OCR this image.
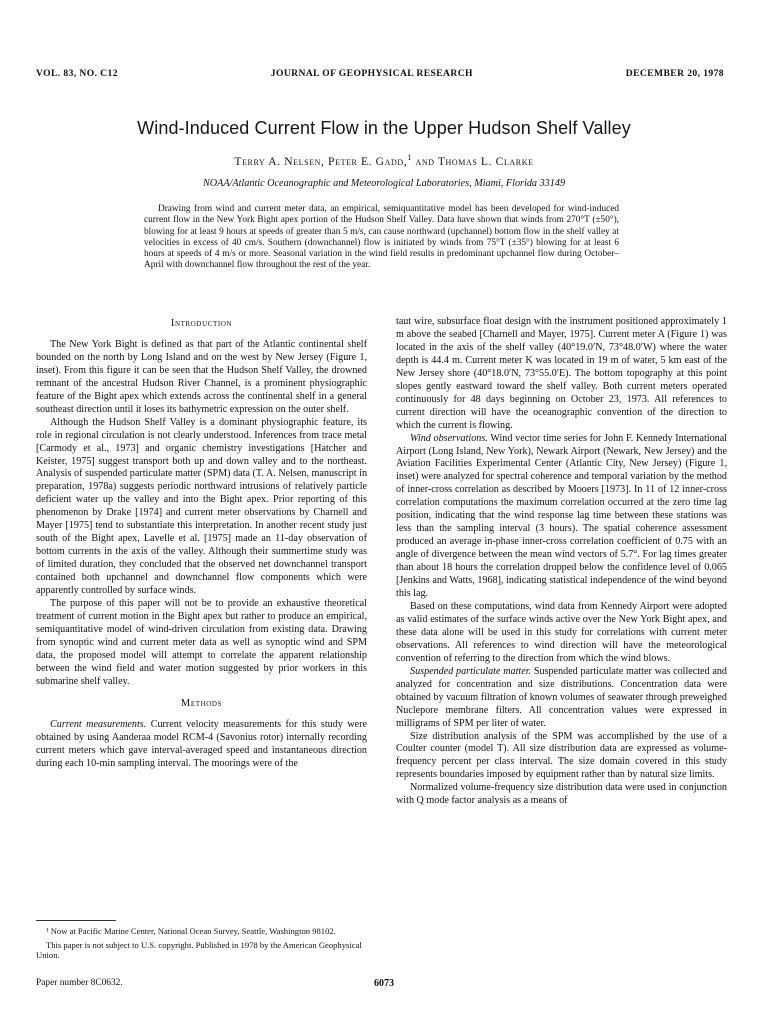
VOL. 83, NO. C12	JOURNAL OF GEOPHYSICAL RESEARCH	DECEMBER 20, 1978
Wind-Induced Current Flow in the Upper Hudson Shelf Valley
Terry A. Nelsen, Peter E. Gadd,$^1$ and Thomas L. Clarke
NOAA/Atlantic Oceanographic and Meteorological Laboratories, Miami, Florida 33149

Drawing from wind and current meter data, an empirical, semiquantitative model has been developed for wind-induced current flow in the New York Bight apex portion of the Hudson Shelf Valley. Data have shown that winds from 270°T (±50°), blowing for at least 9 hours at speeds of greater than 5 m/s, can cause northward (upchannel) bottom flow in the shelf valley at velocities in excess of 40 cm/s. Southern (downchannel) flow is initiated by winds from 75°T (±35°) blowing for at least 6 hours at speeds of 4 m/s or more. Seasonal variation in the wind field results in predominant upchannel flow during October–April with downchannel flow throughout the rest of the year.

Introduction

The New York Bight is defined as that part of the Atlantic continental shelf bounded on the north by Long Island and on the west by New Jersey (Figure 1, inset). From this figure it can be seen that the Hudson Shelf Valley, the drowned remnant of the ancestral Hudson River Channel, is a prominent physiographic feature of the Bight apex which extends across the continental shelf in a general southeast direction until it loses its bathymetric expression on the outer shelf.

Although the Hudson Shelf Valley is a dominant physiographic feature, its role in regional circulation is not clearly understood. Inferences from trace metal [Carmody et al., 1973] and organic chemistry investigations [Hatcher and Keister, 1975] suggest transport both up and down valley and to the northeast. Analysis of suspended particulate matter (SPM) data (T. A. Nelsen, manuscript in preparation, 1978a) suggests periodic northward intrusions of relatively particle deficient water up the valley and into the Bight apex. Prior reporting of this phenomenon by Drake [1974] and current meter observations by Charnell and Mayer [1975] tend to substantiate this interpretation. In another recent study just south of the Bight apex, Lavelle et al. [1975] made an 11-day observation of bottom currents in the axis of the valley. Although their summertime study was of limited duration, they concluded that the observed net downchannel transport contained both upchannel and downchannel flow components which were apparently controlled by surface winds.

The purpose of this paper will not be to provide an exhaustive theoretical treatment of current motion in the Bight apex but rather to produce an empirical, semiquantitative model of wind-driven circulation from existing data. Drawing from synoptic wind and current meter data as well as synoptic wind and SPM data, the proposed model will attempt to correlate the apparent relationship between the wind field and water motion suggested by prior workers in this submarine shelf valley.

Methods

Current measurements. Current velocity measurements for this study were obtained by using Aanderaa model RCM-4 (Savonius rotor) internally recording current meters which gave interval-averaged speed and instantaneous direction during each 10-min sampling interval. The moorings were of the

taut wire, subsurface float design with the instrument positioned approximately 1 m above the seabed [Charnell and Mayer, 1975]. Current meter A (Figure 1) was located in the axis of the shelf valley (40°19.0′N, 73°48.0′W) where the water depth is 44.4 m. Current meter K was located in 19 m of water, 5 km east of the New Jersey shore (40°18.0′N, 73°55.0′E). The bottom topography at this point slopes gently eastward toward the shelf valley. Both current meters operated continuously for 48 days beginning on October 23, 1973. All references to current direction will have the oceanographic convention of the direction to which the current is flowing.

Wind observations. Wind vector time series for John F. Kennedy International Airport (Long Island, New York), Newark Airport (Newark, New Jersey) and the Aviation Facilities Experimental Center (Atlantic City, New Jersey) (Figure 1, inset) were analyzed for spectral coherence and temporal variation by the method of inner-cross correlation as described by Mooers [1973]. In 11 of 12 inner-cross correlation computations the maximum correlation occurred at the zero time lag position, indicating that the wind response lag time between these stations was less than the sampling interval (3 hours). The spatial coherence assessment produced an average in-phase inner-cross correlation coefficient of 0.75 with an angle of divergence between the mean wind vectors of 5.7°. For lag times greater than about 18 hours the correlation dropped below the confidence level of 0.065 [Jenkins and Watts, 1968], indicating statistical independence of the wind beyond this lag.

Based on these computations, wind data from Kennedy Airport were adopted as valid estimates of the surface winds active over the New York Bight apex, and these data alone will be used in this study for correlations with current meter observations. All references to wind direction will have the meteorological convention of referring to the direction from which the wind blows.

Suspended particulate matter. Suspended particulate matter was collected and analyzed for concentration and size distributions. Concentration data were obtained by vacuum filtration of known volumes of seawater through preweighed Nuclepore membrane filters. All concentration values were expressed in milligrams of SPM per liter of water.

Size distribution analysis of the SPM was accomplished by the use of a Coulter counter (model T). All size distribution data are expressed as volume-frequency percent per class interval. The size domain covered in this study represents boundaries imposed by equipment rather than by natural size limits.

Normalized volume-frequency size distribution data were used in conjunction with Q mode factor analysis as a means of

¹ Now at Pacific Marine Center, National Ocean Survey, Seattle, Washington 98102.

This paper is not subject to U.S. copyright. Published in 1978 by the American Geophysical Union.

Paper number 8C0632.	6073
